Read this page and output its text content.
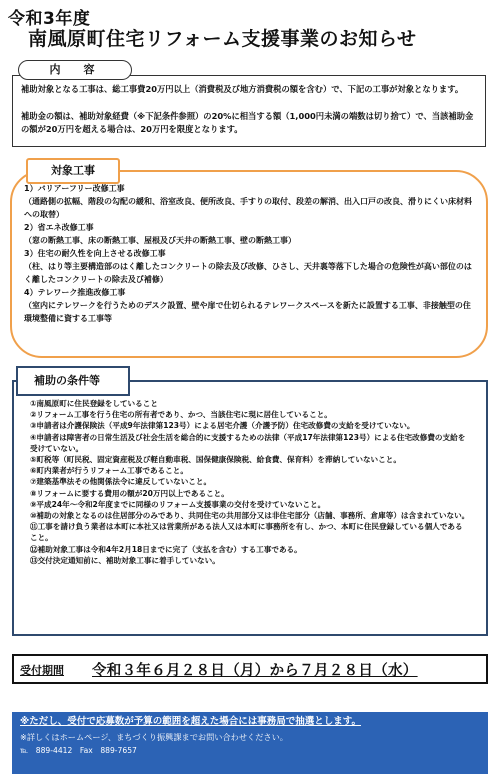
令和3年度
南風原町住宅リフォーム支援事業のお知らせ
補助対象となる工事は、総工事費20万円以上（消費税及び地方消費税の額を含む）で、下記の工事が対象となります。
補助金の額は、補助対象経費（※下記条件参照）の20%に相当する額（1,000円未満の端数は切り捨て）で、当該補助金の額が20万円を超える場合は、20万円を限度となります。
内　容
対象工事
1）バリアーフリー改修工事
（通路側の拡幅、階段の勾配の緩和、浴室改良、便所改良、手すりの取付、段差の解消、出入口戸の改良、滑りにくい床材料への取替）
2）省エネ改修工事
（窓の断熱工事、床の断熱工事、屋根及び天井の断熱工事、壁の断熱工事）
3）住宅の耐久性を向上させる改修工事
（柱、はり等主要構造部のはく離したコンクリートの除去及び改修、ひさし、天井裏等落下した場合の危険性が高い部位のはく離したコンクリートの除去及び補修）
4）テレワーク推進改修工事
（室内にテレワークを行うためのデスク設置、壁や扉で仕切られるテレワークスペースを新たに設置する工事、非接触型の住環境整備に資する工事等
補助の条件等
①南風原町に住民登録をしていること
②リフォーム工事を行う住宅の所有者であり、かつ、当該住宅に現に居住していること。
③申請者は介護保険法（平成9年法律第123号）による居宅介護（介護予防）住宅改修費の支給を受けていない。
④申請者は障害者の日常生活及び社会生活を総合的に支援するための法律（平成17年法律第123号）による住宅改修費の支給を受けていない。
⑤町税等（町民税、固定資産税及び軽自動車税、国保健康保険税、給食費、保育料）を滞納していないこと。
⑥町内業者が行うリフォーム工事であること。
⑦建築基準法その他関係法令に違反していないこと。
⑧リフォームに要する費用の額が20万円以上であること。
⑨平成24年～令和2年度までに同様のリフォーム支援事業の交付を受けていないこと。
⑩補助の対象となるのは住居部分のみであり、共同住宅の共用部分又は非住宅部分（店舗、事務所、倉庫等）は含まれていない。
⑪工事を請け負う業者は本町に本社又は営業所がある法人又は本町に事務所を有し、かつ、本町に住民登録している個人であること。
⑫補助対象工事は令和4年2月18日までに完了（支払を含む）する工事である。
⑬交付決定通知前に、補助対象工事に着手していない。
受付期間 令和３年６月２８日（月）から７月２８日（水）
※ただし、受付で応募数が予算の範囲を超えた場合には事務局で抽選とします。
※詳しくはホームページ、まちづくり振興課までお問い合わせください。
℡　889-4412　Fax　889-7657
